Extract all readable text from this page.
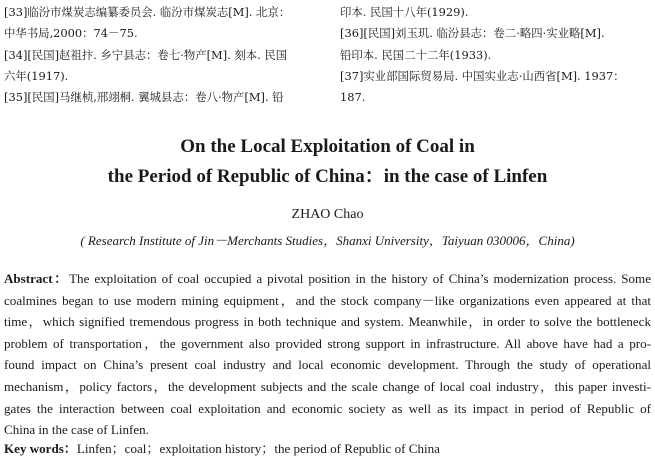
[33]临汾市煤炭志编纂委员会. 临汾市煤炭志[M]. 北京：
中华书局,2000：74－75.
[34][民国]赵祖抃. 乡宁县志：卷七·物产[M]. 刻本. 民国
六年(1917).
[35][民国]马继桢,邢翊桐. 翼城县志：卷八·物产[M]. 铅
印本. 民国十八年(1929).
[36][民国]刘玉玑. 临汾县志：卷二·略四·实业略[M].
铅印本. 民国二十二年(1933).
[37]实业部国际贸易局. 中国实业志·山西省[M]. 1937：
187.
On the Local Exploitation of Coal in
the Period of Republic of China：in the case of Linfen
ZHAO Chao
( Research Institute of Jin－Merchants Studies，Shanxi University，Taiyuan 030006，China)
Abstract：The exploitation of coal occupied a pivotal position in the history of China’s modernization process. Some
coalmines began to use modern mining equipment，and the stock company－like organizations even appeared at that
time，which signified tremendous progress in both technique and system. Meanwhile，in order to solve the bottleneck
problem of transportation，the government also provided strong support in infrastructure. All above have had a pro-
found impact on China’s present coal industry and local economic development. Through the study of operational
mechanism，policy factors，the development subjects and the scale change of local coal industry，this paper investi-
gates the interaction between coal exploitation and economic society as well as its impact in period of Republic of
China in the case of Linfen.
Key words：Linfen；coal；exploitation history；the period of Republic of China
